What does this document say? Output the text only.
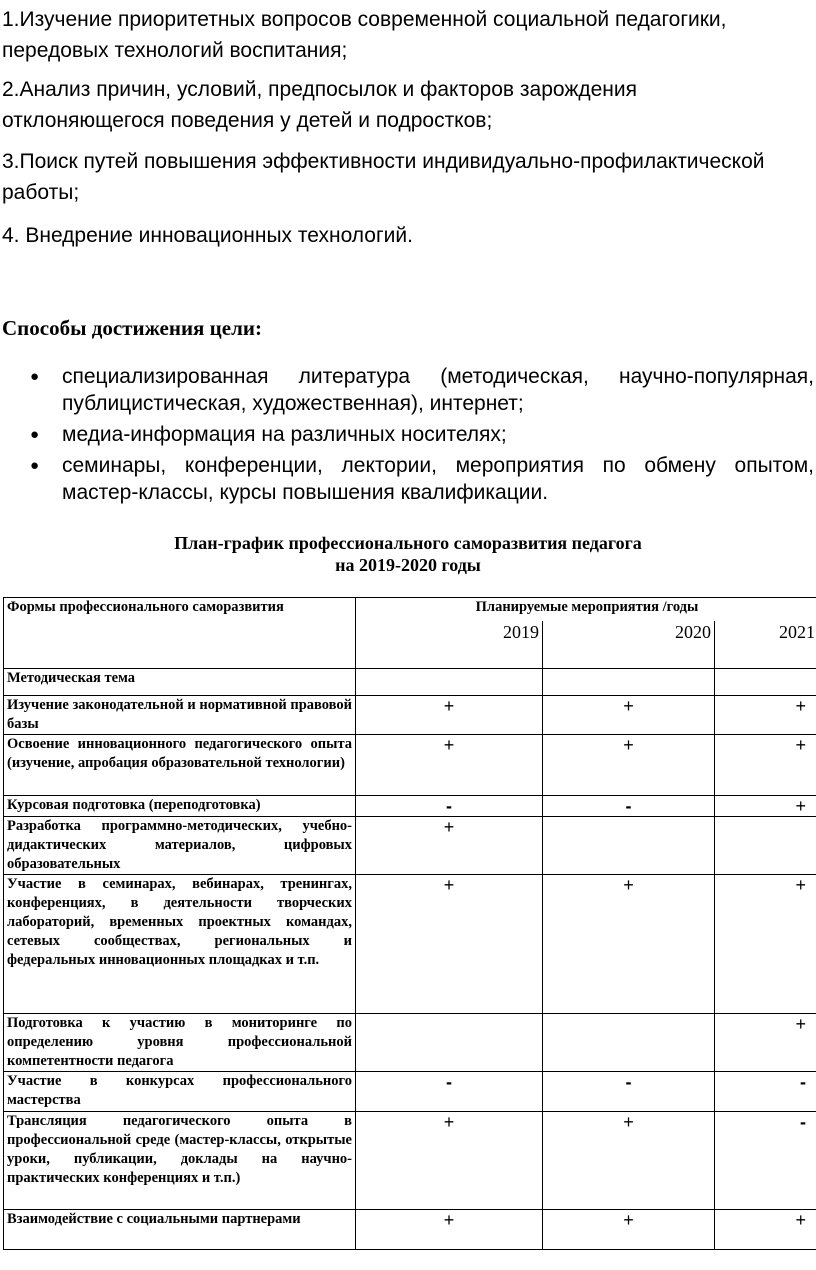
1.Изучение приоритетных вопросов современной социальной педагогики,
передовых технологий воспитания;
2.Анализ причин, условий, предпосылок и факторов зарождения
отклоняющегося поведения у детей и подростков;
3.Поиск путей повышения эффективности индивидуально-профилактической
работы;
4. Внедрение инновационных технологий.
Способы достижения цели:
● специализированная литература (методическая, научно-популярная, публицистическая, художественная), интернет;
● медиа-информация на различных носителях;
● семинары, конференции, лектории, мероприятия по обмену опытом, мастер-классы, курсы повышения квалификации.
План-график профессионального саморазвития педагога
на 2019-2020 годы
Формы профессионального саморазвития	Планируемые мероприятия /годы		
	2019	2020	2021
Методическая тема			
Изучение законодательной и нормативной правовой базы	+	+	+
Освоение инновационного педагогического опыта (изучение, апробация образовательной технологии)	+	+	+
Курсовая подготовка (переподготовка)	-	-	+
Разработка программно-методических, учебно-дидактических материалов, цифровых образовательных	+		
Участие в семинарах, вебинарах, тренингах, конференциях, в деятельности творческих лабораторий, временных проектных командах, сетевых сообществах, региональных и федеральных инновационных площадках и т.п.	+	+	+
Подготовка к участию в мониторинге по определению уровня профессиональной компетентности педагога			+
Участие в конкурсах профессионального мастерства	-	-	-
Трансляция педагогического опыта в профессиональной среде (мастер-классы, открытые уроки, публикации, доклады на научно-практических конференциях и т.п.)	+	+	-
Взаимодействие с социальными партнерами	+	+	+
